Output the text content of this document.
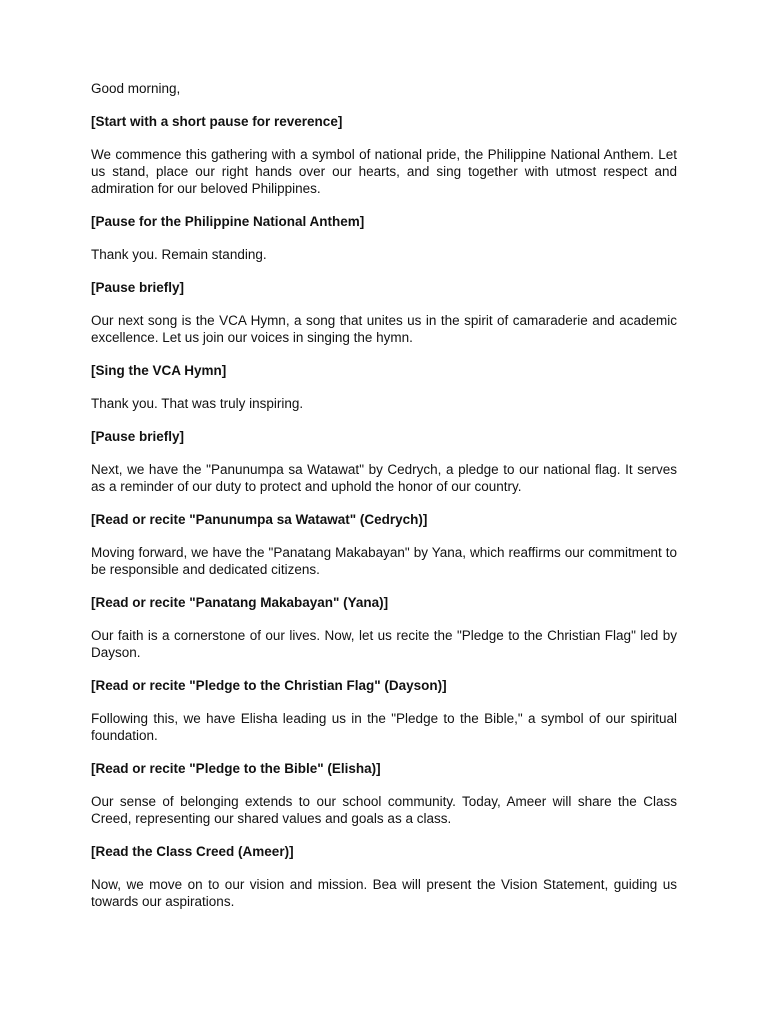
Good morning,

[Start with a short pause for reverence]

We commence this gathering with a symbol of national pride, the Philippine National Anthem. Let us stand, place our right hands over our hearts, and sing together with utmost respect and admiration for our beloved Philippines.

[Pause for the Philippine National Anthem]

Thank you. Remain standing.

[Pause briefly]

Our next song is the VCA Hymn, a song that unites us in the spirit of camaraderie and academic excellence. Let us join our voices in singing the hymn.

[Sing the VCA Hymn]

Thank you. That was truly inspiring.

[Pause briefly]

Next, we have the "Panunumpa sa Watawat" by Cedrych, a pledge to our national flag. It serves as a reminder of our duty to protect and uphold the honor of our country.

[Read or recite "Panunumpa sa Watawat" (Cedrych)]

Moving forward, we have the "Panatang Makabayan" by Yana, which reaffirms our commitment to be responsible and dedicated citizens.

[Read or recite "Panatang Makabayan" (Yana)]

Our faith is a cornerstone of our lives. Now, let us recite the "Pledge to the Christian Flag" led by Dayson.

[Read or recite "Pledge to the Christian Flag" (Dayson)]

Following this, we have Elisha leading us in the "Pledge to the Bible," a symbol of our spiritual foundation.

[Read or recite "Pledge to the Bible" (Elisha)]

Our sense of belonging extends to our school community. Today, Ameer will share the Class Creed, representing our shared values and goals as a class.

[Read the Class Creed (Ameer)]

Now, we move on to our vision and mission. Bea will present the Vision Statement, guiding us towards our aspirations.
